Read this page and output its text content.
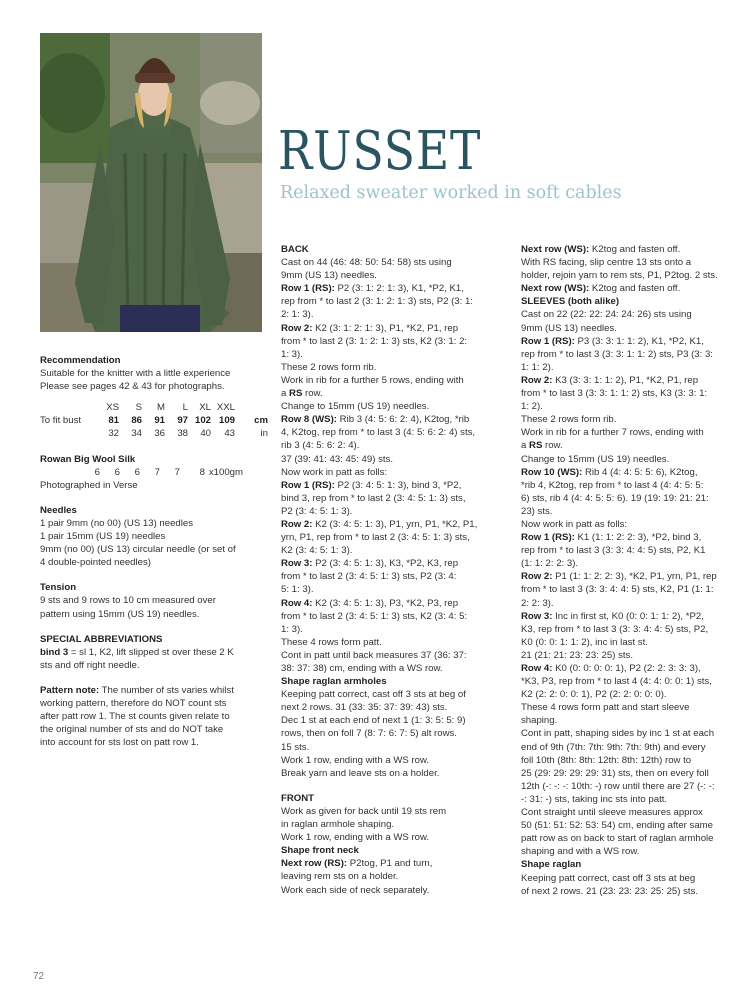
RUSSET
Relaxed sweater worked in soft cables

Recommendation

Suitable for the knitter with a little experience

Please see pages 42 & 43 for photographs.

	XS	S	M	L	XL	XXL	
To fit bust	81	86	91	97	102	109	cm
	32	34	36	38	40	43	in

Rowan Big Wool Silk

6	6	6	7	7	8 x100gm

Photographed in Verse

Needles

1 pair 9mm (no 00) (US 13) needles

1 pair 15mm (US 19) needles

9mm (no 00) (US 13) circular needle (or set of

4 double-pointed needles)

Tension

9 sts and 9 rows to 10 cm measured over

pattern using 15mm (US 19) needles.

SPECIAL ABBREVIATIONS

bind 3 = sl 1, K2, lift slipped st over these 2 K

sts and off right needle.

Pattern note: The number of sts varies whilst

working pattern, therefore do NOT count sts

after patt row 1. The st counts given relate to

the original number of sts and do NOT take

into account for sts lost on patt row 1.

BACK

Cast on 44 (46: 48: 50: 54: 58) sts using

9mm (US 13) needles.

Row 1 (RS): P2 (3: 1: 2: 1: 3), K1, *P2, K1,

rep from * to last 2 (3: 1: 2: 1: 3) sts, P2 (3: 1:

2: 1: 3).

Row 2: K2 (3: 1: 2: 1: 3), P1, *K2, P1, rep

from * to last 2 (3: 1: 2: 1: 3) sts, K2 (3: 1: 2:

1: 3).

These 2 rows form rib.

Work in rib for a further 5 rows, ending with

a RS row.

Change to 15mm (US 19) needles.

Row 8 (WS): Rib 3 (4: 5: 6: 2: 4), K2tog, *rib

4, K2tog, rep from * to last 3 (4: 5: 6: 2: 4) sts,

rib 3 (4: 5: 6: 2: 4).

37 (39: 41: 43: 45: 49) sts.

Now work in patt as folls:

Row 1 (RS): P2 (3: 4: 5: 1: 3), bind 3, *P2,

bind 3, rep from * to last 2 (3: 4: 5: 1: 3) sts,

P2 (3: 4: 5: 1: 3).

Row 2: K2 (3: 4: 5: 1: 3), P1, yrn, P1, *K2, P1,

yrn, P1, rep from * to last 2 (3: 4: 5: 1: 3) sts,

K2 (3: 4: 5: 1: 3).

Row 3: P2 (3: 4: 5: 1: 3), K3, *P2, K3, rep

from * to last 2 (3: 4: 5: 1: 3) sts, P2 (3: 4:

5: 1: 3).

Row 4: K2 (3: 4: 5: 1: 3), P3, *K2, P3, rep

from * to last 2 (3: 4: 5: 1: 3) sts, K2 (3: 4: 5:

1: 3).

These 4 rows form patt.

Cont in patt until back measures 37 (36: 37:

38: 37: 38) cm, ending with a WS row.

Shape raglan armholes

Keeping patt correct, cast off 3 sts at beg of

next 2 rows. 31 (33: 35: 37: 39: 43) sts.

Dec 1 st at each end of next 1 (1: 3: 5: 5: 9)

rows, then on foll 7 (8: 7: 6: 7: 5) alt rows.

15 sts.

Work 1 row, ending with a WS row.

Break yarn and leave sts on a holder.

FRONT

Work as given for back until 19 sts rem

in raglan armhole shaping.

Work 1 row, ending with a WS row.

Shape front neck

Next row (RS): P2tog, P1 and turn,

leaving rem sts on a holder.

Work each side of neck separately.

Next row (WS): K2tog and fasten off.

With RS facing, slip centre 13 sts onto a

holder, rejoin yarn to rem sts, P1, P2tog. 2 sts.

Next row (WS): K2tog and fasten off.

SLEEVES (both alike)

Cast on 22 (22: 22: 24: 24: 26) sts using

9mm (US 13) needles.

Row 1 (RS): P3 (3: 3: 1: 1: 2), K1, *P2, K1,

rep from * to last 3 (3: 3: 1: 1: 2) sts, P3 (3: 3:

1: 1: 2).

Row 2: K3 (3: 3: 1: 1: 2), P1, *K2, P1, rep

from * to last 3 (3: 3: 1: 1: 2) sts, K3 (3: 3: 1:

1: 2).

These 2 rows form rib.

Work in rib for a further 7 rows, ending with

a RS row.

Change to 15mm (US 19) needles.

Row 10 (WS): Rib 4 (4: 4: 5: 5: 6), K2tog,

*rib 4, K2tog, rep from * to last 4 (4: 4: 5: 5:

6) sts, rib 4 (4: 4: 5: 5: 6). 19 (19: 19: 21: 21:

23) sts.

Now work in patt as folls:

Row 1 (RS): K1 (1: 1: 2: 2: 3), *P2, bind 3,

rep from * to last 3 (3: 3: 4: 4: 5) sts, P2, K1

(1: 1: 2: 2: 3).

Row 2: P1 (1: 1: 2: 2: 3), *K2, P1, yrn, P1, rep

from * to last 3 (3: 3: 4: 4: 5) sts, K2, P1 (1: 1:

2: 2: 3).

Row 3: Inc in first st, K0 (0: 0: 1: 1: 2), *P2,

K3, rep from * to last 3 (3: 3: 4: 4: 5) sts, P2,

K0 (0: 0: 1: 1: 2), inc in last st.

21 (21: 21: 23: 23: 25) sts.

Row 4: K0 (0: 0: 0: 0: 1), P2 (2: 2: 3: 3: 3),

*K3, P3, rep from * to last 4 (4: 4: 0: 0: 1) sts,

K2 (2: 2: 0: 0: 1), P2 (2: 2: 0: 0: 0).

These 4 rows form patt and start sleeve

shaping.

Cont in patt, shaping sides by inc 1 st at each

end of 9th (7th: 7th: 9th: 7th: 9th) and every

foll 10th (8th: 8th: 12th: 8th: 12th) row to

25 (29: 29: 29: 29: 31) sts, then on every foll

12th (-: -: -: 10th: -) row until there are 27 (-: -:

-: 31: -) sts, taking inc sts into patt.

Cont straight until sleeve measures approx

50 (51: 51: 52: 53: 54) cm, ending after same

patt row as on back to start of raglan armhole

shaping and with a WS row.

Shape raglan

Keeping patt correct, cast off 3 sts at beg

of next 2 rows. 21 (23: 23: 23: 25: 25) sts.

72
